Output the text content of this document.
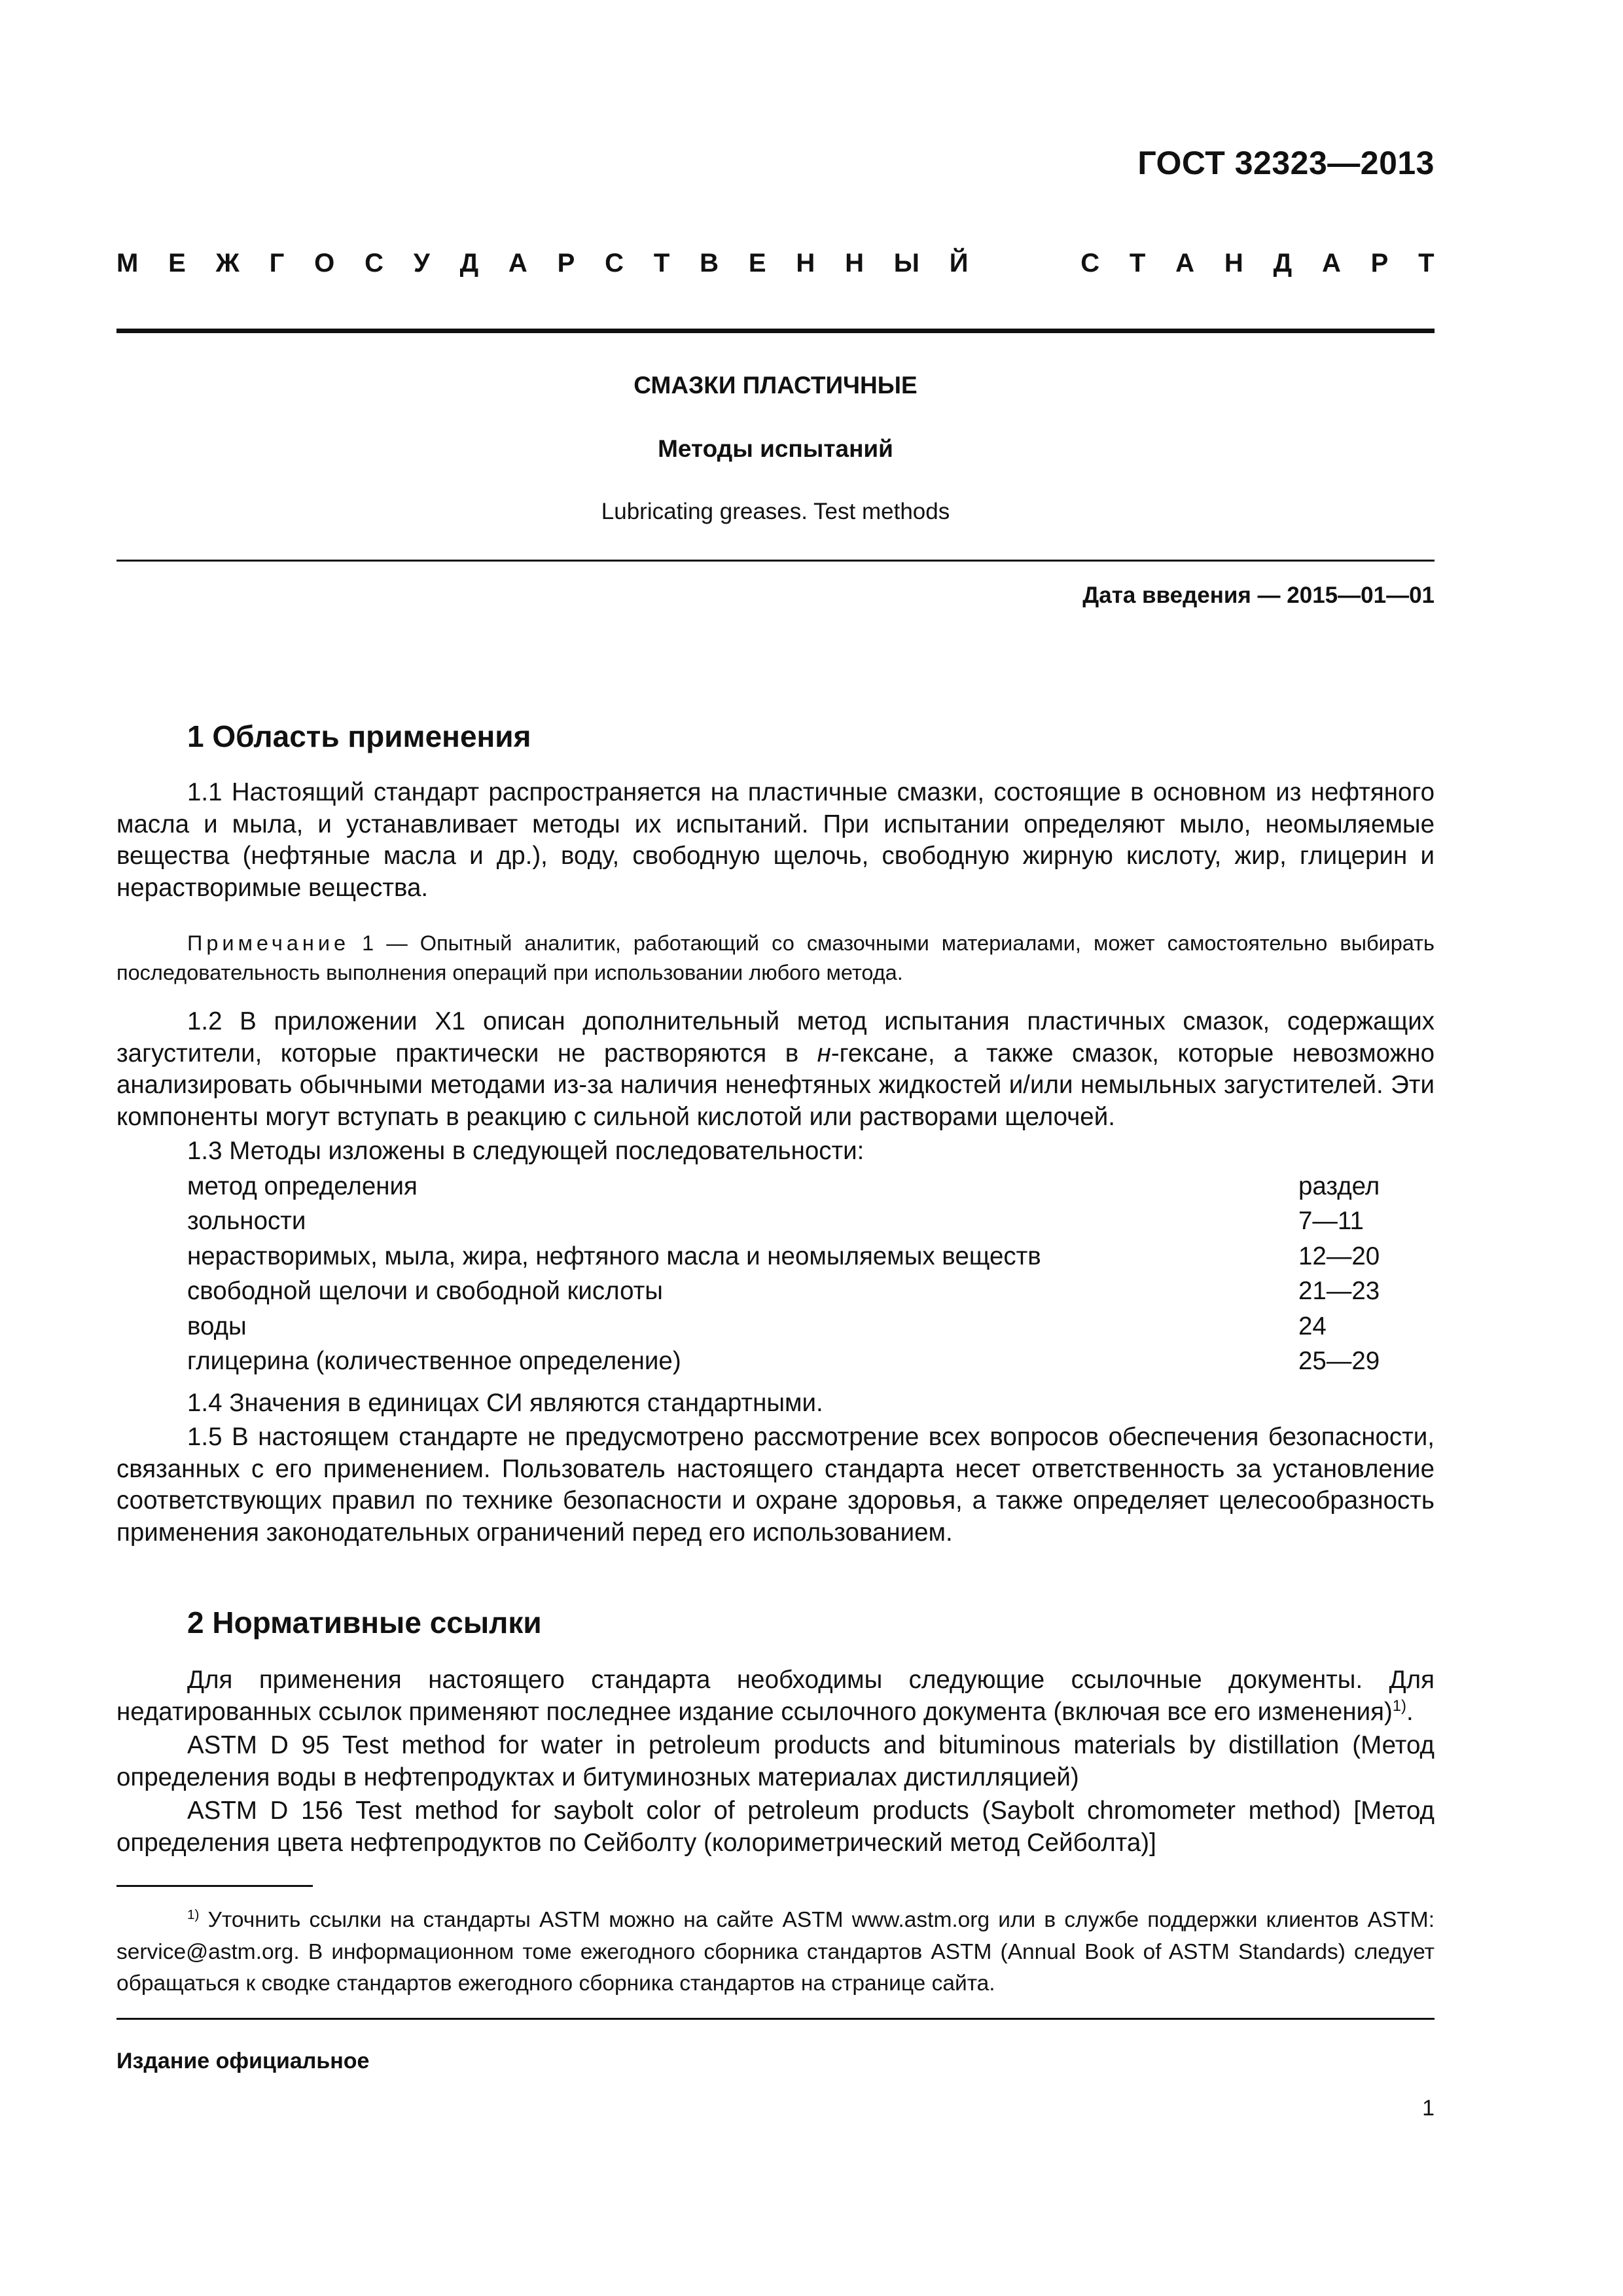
ГОСТ 32323—2013
М Е Ж Г О С У Д А Р С Т В Е Н Н Ы Й	С Т А Н Д А Р Т
СМАЗКИ ПЛАСТИЧНЫЕ
Методы испытаний
Lubricating greases. Test methods
Дата введения — 2015—01—01
1 Область применения

1.1 Настоящий стандарт распространяется на пластичные смазки, состоящие в основном из нефтяного масла и мыла, и устанавливает методы их испытаний. При испытании определяют мыло, неомыляемые вещества (нефтяные масла и др.), воду, свободную щелочь, свободную жирную кислоту, жир, глицерин и нерастворимые вещества.

Примечание 1 — Опытный аналитик, работающий со смазочными материалами, может самостоятельно выбирать последовательность выполнения операций при использовании любого метода.

1.2 В приложении X1 описан дополнительный метод испытания пластичных смазок, содержащих загустители, которые практически не растворяются в н-гексане, а также смазок, которые невозможно анализировать обычными методами из-за наличия ненефтяных жидкостей и/или немыльных загустителей. Эти компоненты могут вступать в реакцию с сильной кислотой или растворами щелочей.

1.3 Методы изложены в следующей последовательности:
метод определения	раздел
зольности	7—11
нерастворимых, мыла, жира, нефтяного масла и неомыляемых веществ	12—20
свободной щелочи и свободной кислоты	21—23
воды	24
глицерина (количественное определение)	25—29
1.4 Значения в единицах СИ являются стандартными.

1.5 В настоящем стандарте не предусмотрено рассмотрение всех вопросов обеспечения безопасности, связанных с его применением. Пользователь настоящего стандарта несет ответственность за установление соответствующих правил по технике безопасности и охране здоровья, а также определяет целесообразность применения законодательных ограничений перед его использованием.

2 Нормативные ссылки

Для применения настоящего стандарта необходимы следующие ссылочные документы. Для недатированных ссылок применяют последнее издание ссылочного документа (включая все его изменения)$^{1)}$.

ASTM D 95 Test method for water in petroleum products and bituminous materials by distillation (Метод определения воды в нефтепродуктах и битуминозных материалах дистилляцией)

ASTM D 156 Test method for saybolt color of petroleum products (Saybolt chromometer method) [Метод определения цвета нефтепродуктов по Сейболту (колориметрический метод Сейболта)]

$^{1)}$ Уточнить ссылки на стандарты ASTM можно на сайте ASTM www.astm.org или в службе поддержки клиентов ASTM: service@astm.org. В информационном томе ежегодного сборника стандартов ASTM (Annual Book of ASTM Standards) следует обращаться к сводке стандартов ежегодного сборника стандартов на странице сайта.

Издание официальное
1
